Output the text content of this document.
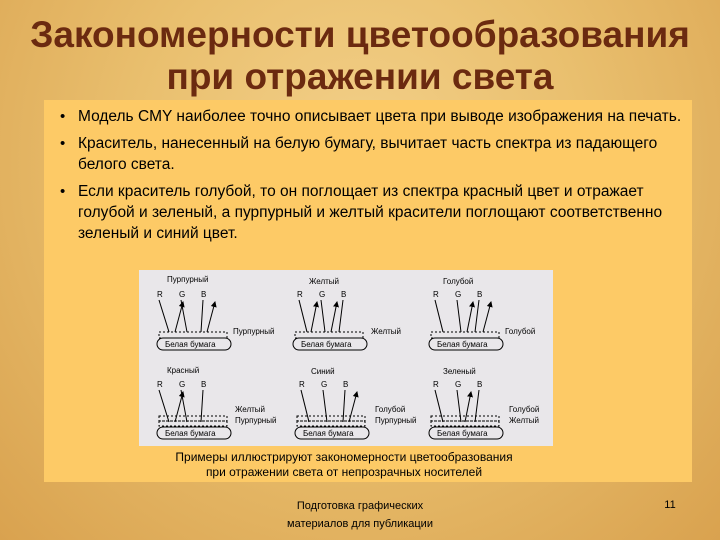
Закономерности цветообразования
при отражении света
• Модель CMY наиболее точно описывает цвета при выводе изображения на печать.
• Краситель, нанесенный на белую бумагу, вычитает часть спектра из падающего белого света.
• Если краситель голубой, то он поглощает из спектра красный цвет и отражает голубой и зеленый, а пурпурный и желтый красители поглощают соответственно зеленый и синий цвет.
Пурпурный
R G B
Белая бумага
Пурпурный
Желтый
R G B
Белая бумага
Желтый
Голубой
R G B
Белая бумага
Голубой
Красный
R G B
Белая бумага
Желтый
Пурпурный
Синий
R G B
Белая бумага
Голубой
Пурпурный
Зеленый
R G B
Белая бумага
Голубой
Желтый
Примеры иллюстрируют закономерности цветообразования
при отражении света от непрозрачных носителей
Подготовка графических
материалов для публикации
11
